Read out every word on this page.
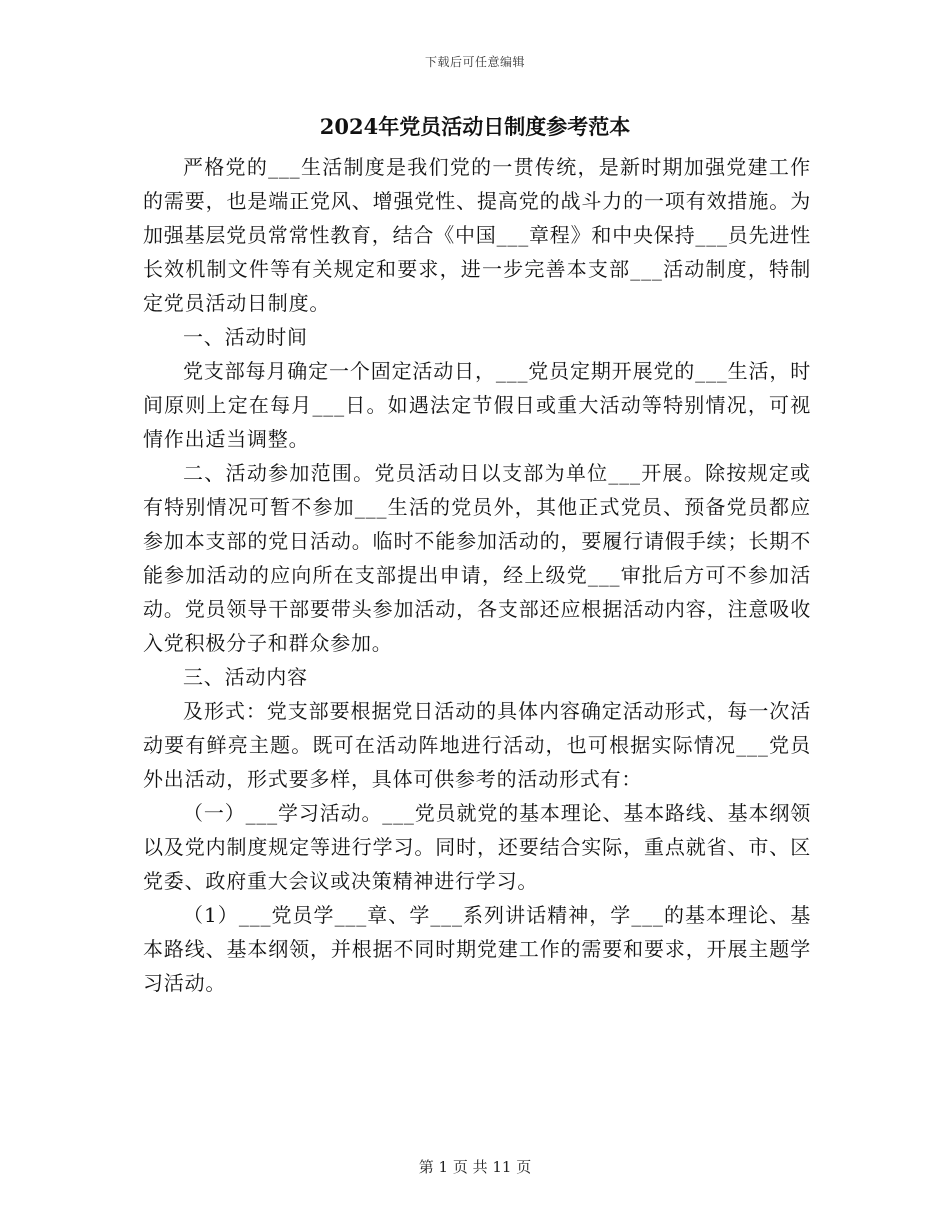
下载后可任意编辑
2024年党员活动日制度参考范本

严格党的___生活制度是我们党的一贯传统，是新时期加强党建工作的需要，也是端正党风、增强党性、提高党的战斗力的一项有效措施。为加强基层党员常常性教育，结合《中国___章程》和中央保持___员先进性长效机制文件等有关规定和要求，进一步完善本支部___活动制度，特制定党员活动日制度。

一、活动时间

党支部每月确定一个固定活动日，___党员定期开展党的___生活，时间原则上定在每月___日。如遇法定节假日或重大活动等特别情况，可视情作出适当调整。

二、活动参加范围。党员活动日以支部为单位___开展。除按规定或有特别情况可暂不参加___生活的党员外，其他正式党员、预备党员都应参加本支部的党日活动。临时不能参加活动的，要履行请假手续；长期不能参加活动的应向所在支部提出申请，经上级党___审批后方可不参加活动。党员领导干部要带头参加活动，各支部还应根据活动内容，注意吸收入党积极分子和群众参加。

三、活动内容

及形式：党支部要根据党日活动的具体内容确定活动形式，每一次活动要有鲜亮主题。既可在活动阵地进行活动，也可根据实际情况___党员外出活动，形式要多样，具体可供参考的活动形式有：

（一）___学习活动。___党员就党的基本理论、基本路线、基本纲领以及党内制度规定等进行学习。同时，还要结合实际，重点就省、市、区党委、政府重大会议或决策精神进行学习。

（1）___党员学___章、学___系列讲话精神，学___的基本理论、基本路线、基本纲领，并根据不同时期党建工作的需要和要求，开展主题学习活动。

第 1 页 共 11 页
